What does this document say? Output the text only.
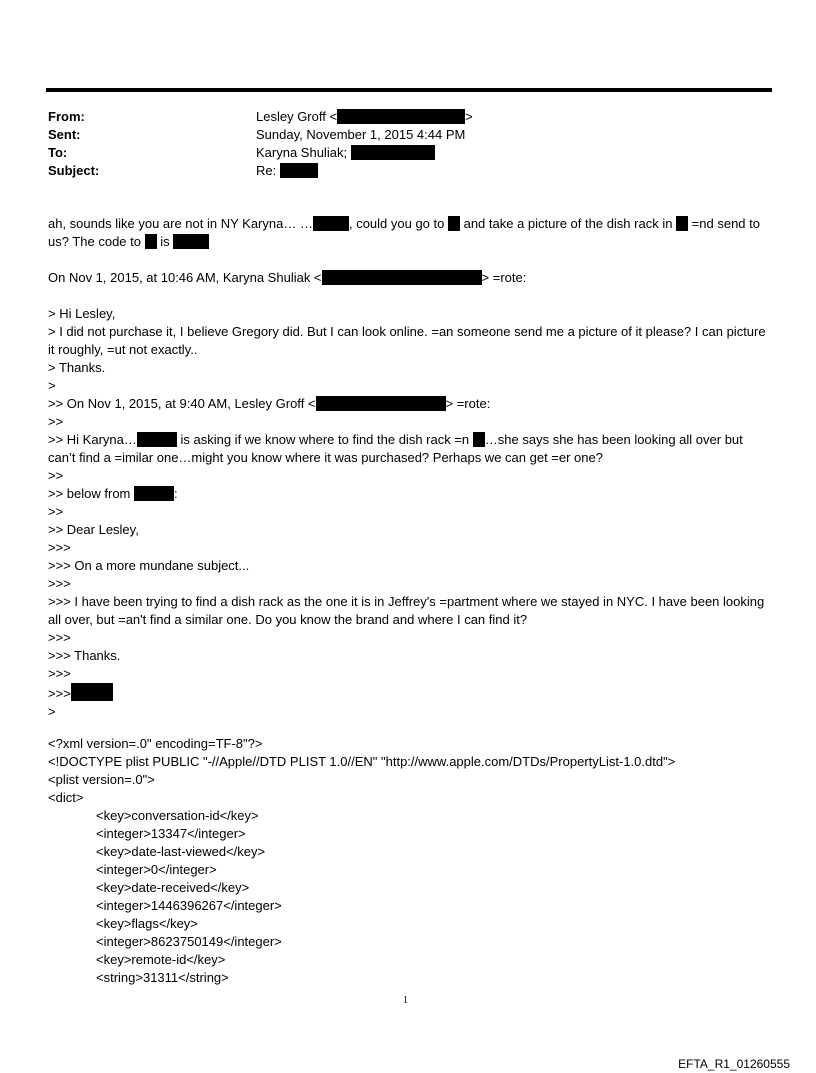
From:	Lesley Groff <	>
Sent:	Sunday, November 1, 2015 4:44 PM
To:	Karyna Shuliak;
Subject:	Re:
ah, sounds like you are not in NY Karyna… …	, could you go to  and take a picture of the dish rack in  =nd send to us? The code to  is
On Nov 1, 2015, at 10:46 AM, Karyna Shuliak <	> =rote:
> Hi Lesley,
> I did not purchase it, I believe Gregory did. But I can look online. =an someone send me a picture of it please? I can picture it roughly, =ut not exactly..
> Thanks.
>
>> On Nov 1, 2015, at 9:40 AM, Lesley Groff <	> =rote:
>>
>> Hi Karyna…	is asking if we know where to find the dish rack =n …she says she has been looking all over but can’t find a =imilar one…might you know where it was purchased? Perhaps we can get =er one?
>>
>> below from	:
>>
>> Dear Lesley,
>>>
>>> On a more mundane subject...
>>>
>>> I have been trying to find a dish rack as the one it is in Jeffrey's =partment where we stayed in NYC. I have been looking all over, but =an't find a similar one. Do you know the brand and where I can find it?
>>>
>>> Thanks.
>>>
>>>
>
<?xml version=.0" encoding=TF-8"?>
<!DOCTYPE plist PUBLIC "-//Apple//DTD PLIST 1.0//EN" "http://www.apple.com/DTDs/PropertyList-1.0.dtd">
<plist version=.0">
<dict>
<key>conversation-id</key>
<integer>13347</integer>
<key>date-last-viewed</key>
<integer>0</integer>
<key>date-received</key>
<integer>1446396267</integer>
<key>flags</key>
<integer>8623750149</integer>
<key>remote-id</key>
<string>31311</string>
1
EFTA_R1_01260555
